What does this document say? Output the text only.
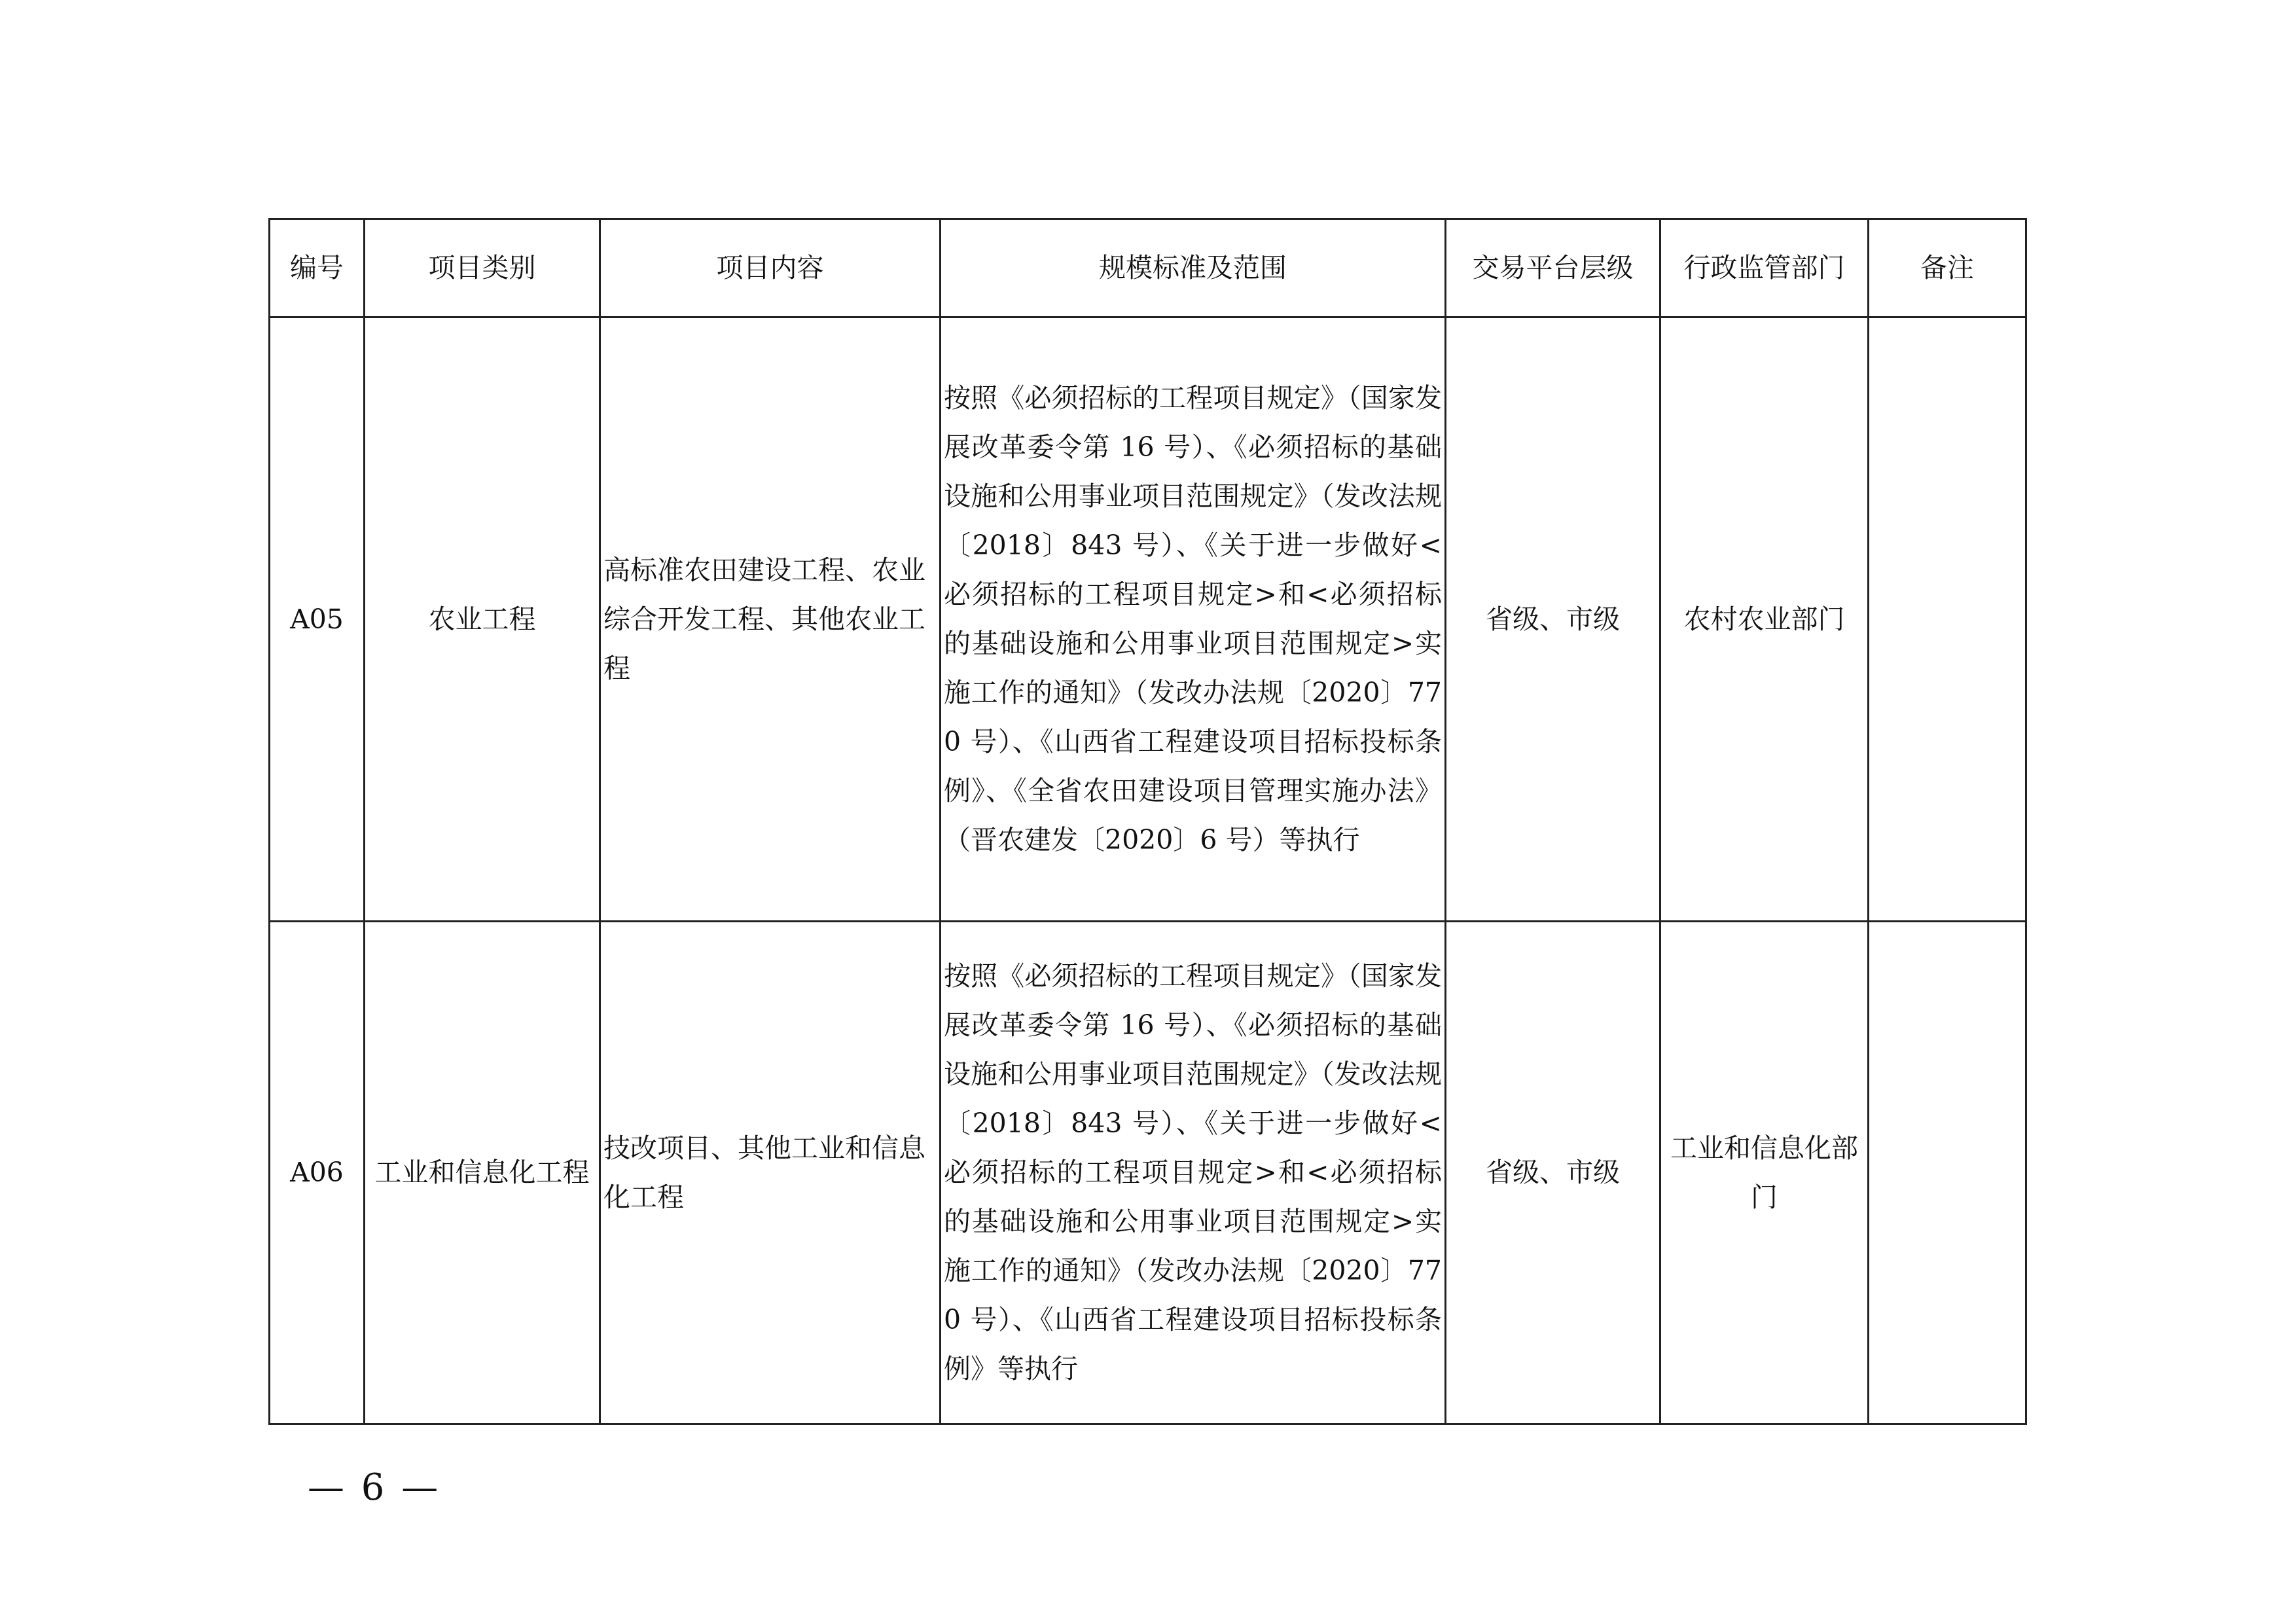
编号	项目类别	项目内容	规模标准及范围	交易平台层级	行政监管部门	备注
A05	农业工程	高标准农田建设工程、农业综合开发工程、其他农业工程	按照《必须招标的工程项目规定》（国家发展改革委令第 16 号）、《必须招标的基础设施和公用事业项目范围规定》（发改法规〔2018〕843 号）、《关于进一步做好<必须招标的工程项目规定>和<必须招标的基础设施和公用事业项目范围规定>实施工作的通知》（发改办法规〔2020〕770 号）、《山西省工程建设项目招标投标条例》、《全省农田建设项目管理实施办法》（晋农建发〔2020〕6 号）等执行	省级、市级	农村农业部门	
A06	工业和信息化工程	技改项目、其他工业和信息化工程	按照《必须招标的工程项目规定》（国家发展改革委令第 16 号）、《必须招标的基础设施和公用事业项目范围规定》（发改法规〔2018〕843 号）、《关于进一步做好<必须招标的工程项目规定>和<必须招标的基础设施和公用事业项目范围规定>实施工作的通知》（发改办法规〔2020〕770 号）、《山西省工程建设项目招标投标条例》等执行	省级、市级	工业和信息化部门	
— 6 —
